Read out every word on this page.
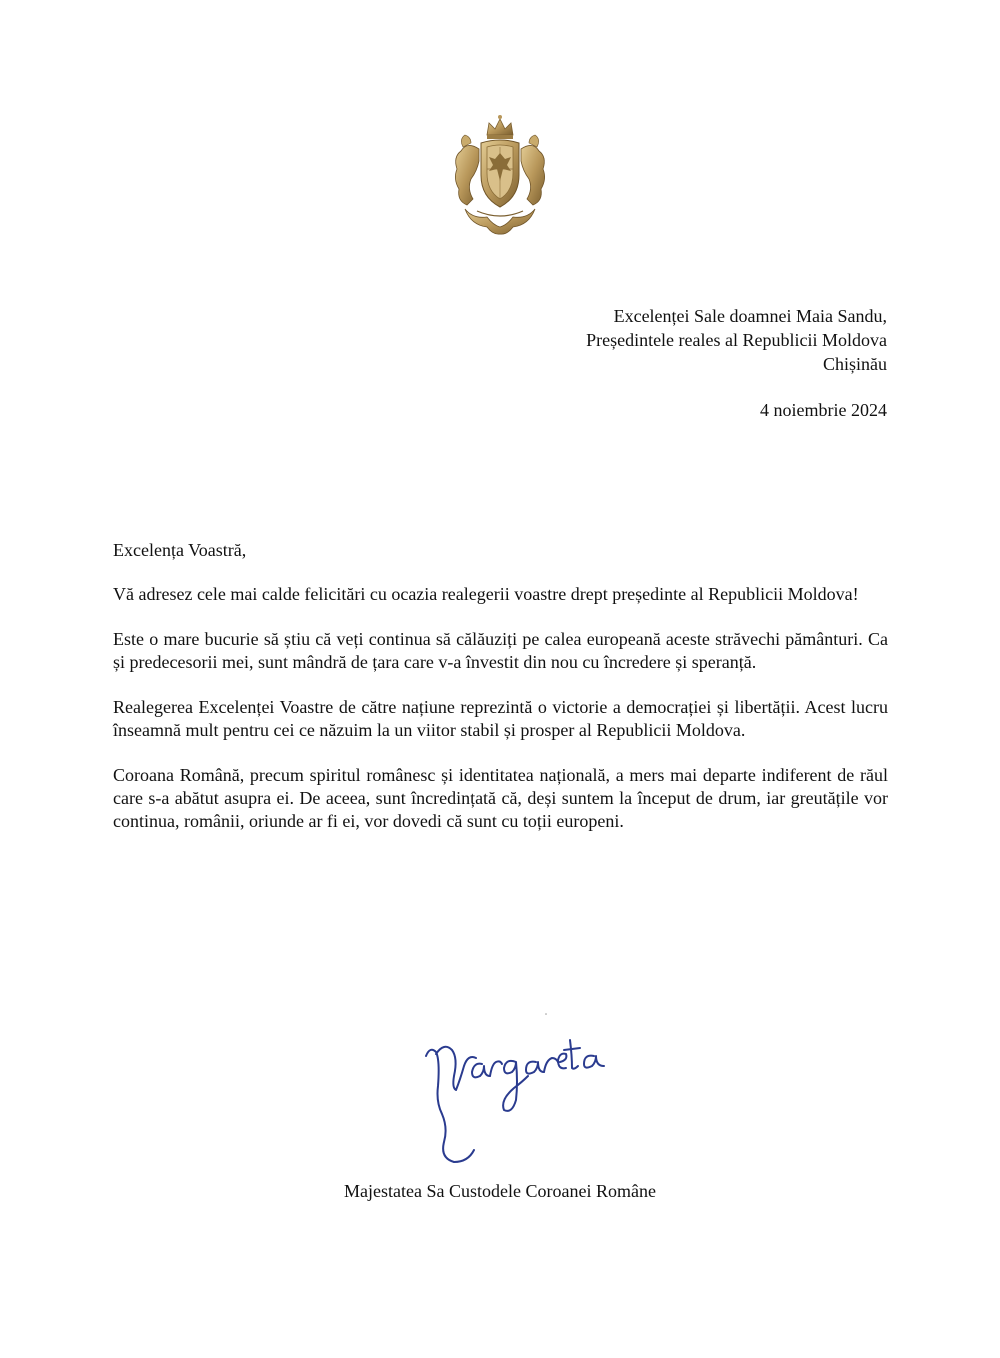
Excelenței Sale doamnei Maia Sandu,
Președintele reales al Republicii Moldova
Chișinău
4 noiembrie 2024

Excelența Voastră,

Vă adresez cele mai calde felicitări cu ocazia realegerii voastre drept președinte al Republicii Moldova!

Este o mare bucurie să știu că veți continua să călăuziți pe calea europeană aceste străvechi pământuri. Ca și predecesorii mei, sunt mândră de țara care v-a învestit din nou cu încredere și speranță.

Realegerea Excelenței Voastre de către națiune reprezintă o victorie a democrației și libertății. Acest lucru înseamnă mult pentru cei ce năzuim la un viitor stabil și prosper al Republicii Moldova.

Coroana Română, precum spiritul românesc și identitatea națională, a mers mai departe indiferent de răul care s-a abătut asupra ei. De aceea, sunt încredințată că, deși suntem la început de drum, iar greutățile vor continua, românii, oriunde ar fi ei, vor dovedi că sunt cu toții europeni.

Majestatea Sa Custodele Coroanei Române
